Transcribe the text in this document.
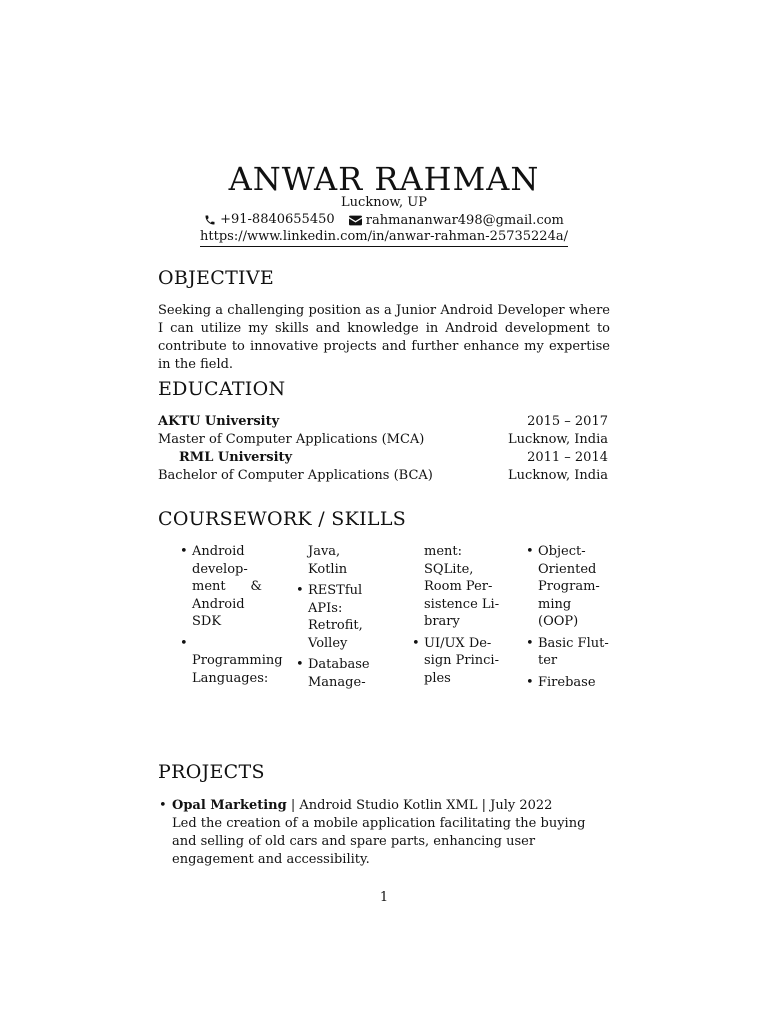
ANWAR RAHMAN
Lucknow, UP
+91-8840655450
rahmananwar498@gmail.com
https://www.linkedin.com/in/anwar-rahman-25735224a/
OBJECTIVE
Seeking a challenging position as a Junior Android Developer where I can utilize my skills and knowledge in Android development to contribute to innovative projects and further enhance my expertise in the field.
EDUCATION
AKTU University	2015 – 2017
Master of Computer Applications (MCA)	Lucknow, India
RML University	2011 – 2014
Bachelor of Computer Applications (BCA)	Lucknow, India
COURSEWORK / SKILLS
• Android
develop-
ment      &
Android
SDK

• Programming
Languages:
Java,
Kotlin
• RESTful
APIs:
Retrofit,
Volley
• Database
Manage-
ment:
SQLite,
Room Per-
sistence Li-
brary
• UI/UX De-
sign Princi-
ples
• Object-
Oriented
Program-
ming
(OOP)
• Basic Flut-
ter
• Firebase
PROJECTS
• Opal Marketing | Android Studio Kotlin XML | July 2022
Led the creation of a mobile application facilitating the buying and selling of old cars and spare parts, enhancing user engagement and accessibility.
1
